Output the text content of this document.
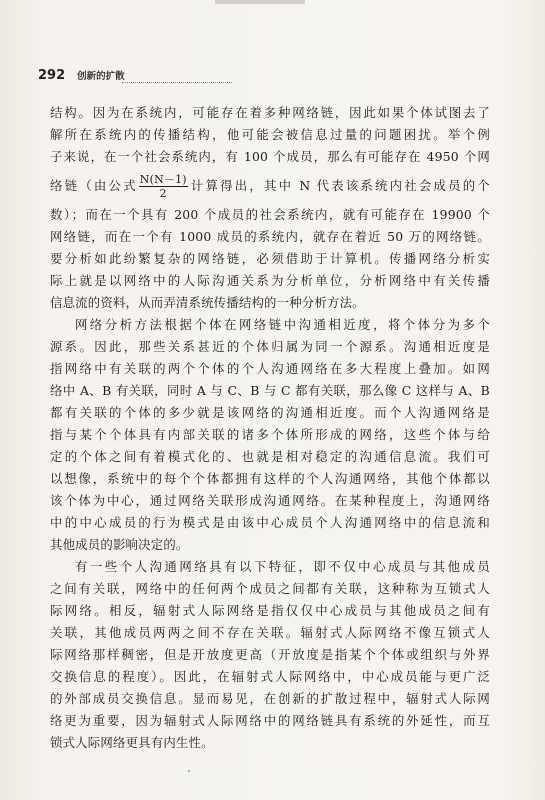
292 创新的扩散
结构。因为在系统内，可能存在着多种网络链，因此如果个体试图去了
解所在系统内的传播结构，他可能会被信息过量的问题困扰。举个例
子来说，在一个社会系统内，有 100 个成员，那么有可能存在 4950 个网
络链（由公式 $\frac{N(N-1)}{2}$ 计算得出，其中 N 代表该系统内社会成员的个
数）；而在一个具有 200 个成员的社会系统内，就有可能存在 19900 个
网络链，而在一个有 1000 成员的系统内，就存在着近 50 万的网络链。
要分析如此纷繁复杂的网络链，必须借助于计算机。传播网络分析实
际上就是以网络中的人际沟通关系为分析单位，分析网络中有关传播
信息流的资料，从而弄清系统传播结构的一种分析方法。
网络分析方法根据个体在网络链中沟通相近度，将个体分为多个
源系。因此，那些关系甚近的个体归属为同一个源系。沟通相近度是
指网络中有关联的两个个体的个人沟通网络在多大程度上叠加。如网
络中 A、B 有关联，同时 A 与 C、B 与 C 都有关联，那么像 C 这样与 A、B
都有关联的个体的多少就是该网络的沟通相近度。而个人沟通网络是
指与某个个体具有内部关联的诸多个体所形成的网络，这些个体与给
定的个体之间有着模式化的、也就是相对稳定的沟通信息流。我们可
以想像，系统中的每个个体都拥有这样的个人沟通网络，其他个体都以
该个体为中心，通过网络关联形成沟通网络。在某种程度上，沟通网络
中的中心成员的行为模式是由该中心成员个人沟通网络中的信息流和
其他成员的影响决定的。
有一些个人沟通网络具有以下特征，即不仅中心成员与其他成员
之间有关联，网络中的任何两个成员之间都有关联，这种称为互锁式人
际网络。相反，辐射式人际网络是指仅仅中心成员与其他成员之间有
关联，其他成员两两之间不存在关联。辐射式人际网络不像互锁式人
际网络那样稠密，但是开放度更高（开放度是指某个个体或组织与外界
交换信息的程度）。因此，在辐射式人际网络中，中心成员能与更广泛
的外部成员交换信息。显而易见，在创新的扩散过程中，辐射式人际网
络更为重要，因为辐射式人际网络中的网络链具有系统的外延性，而互
锁式人际网络更具有内生性。
